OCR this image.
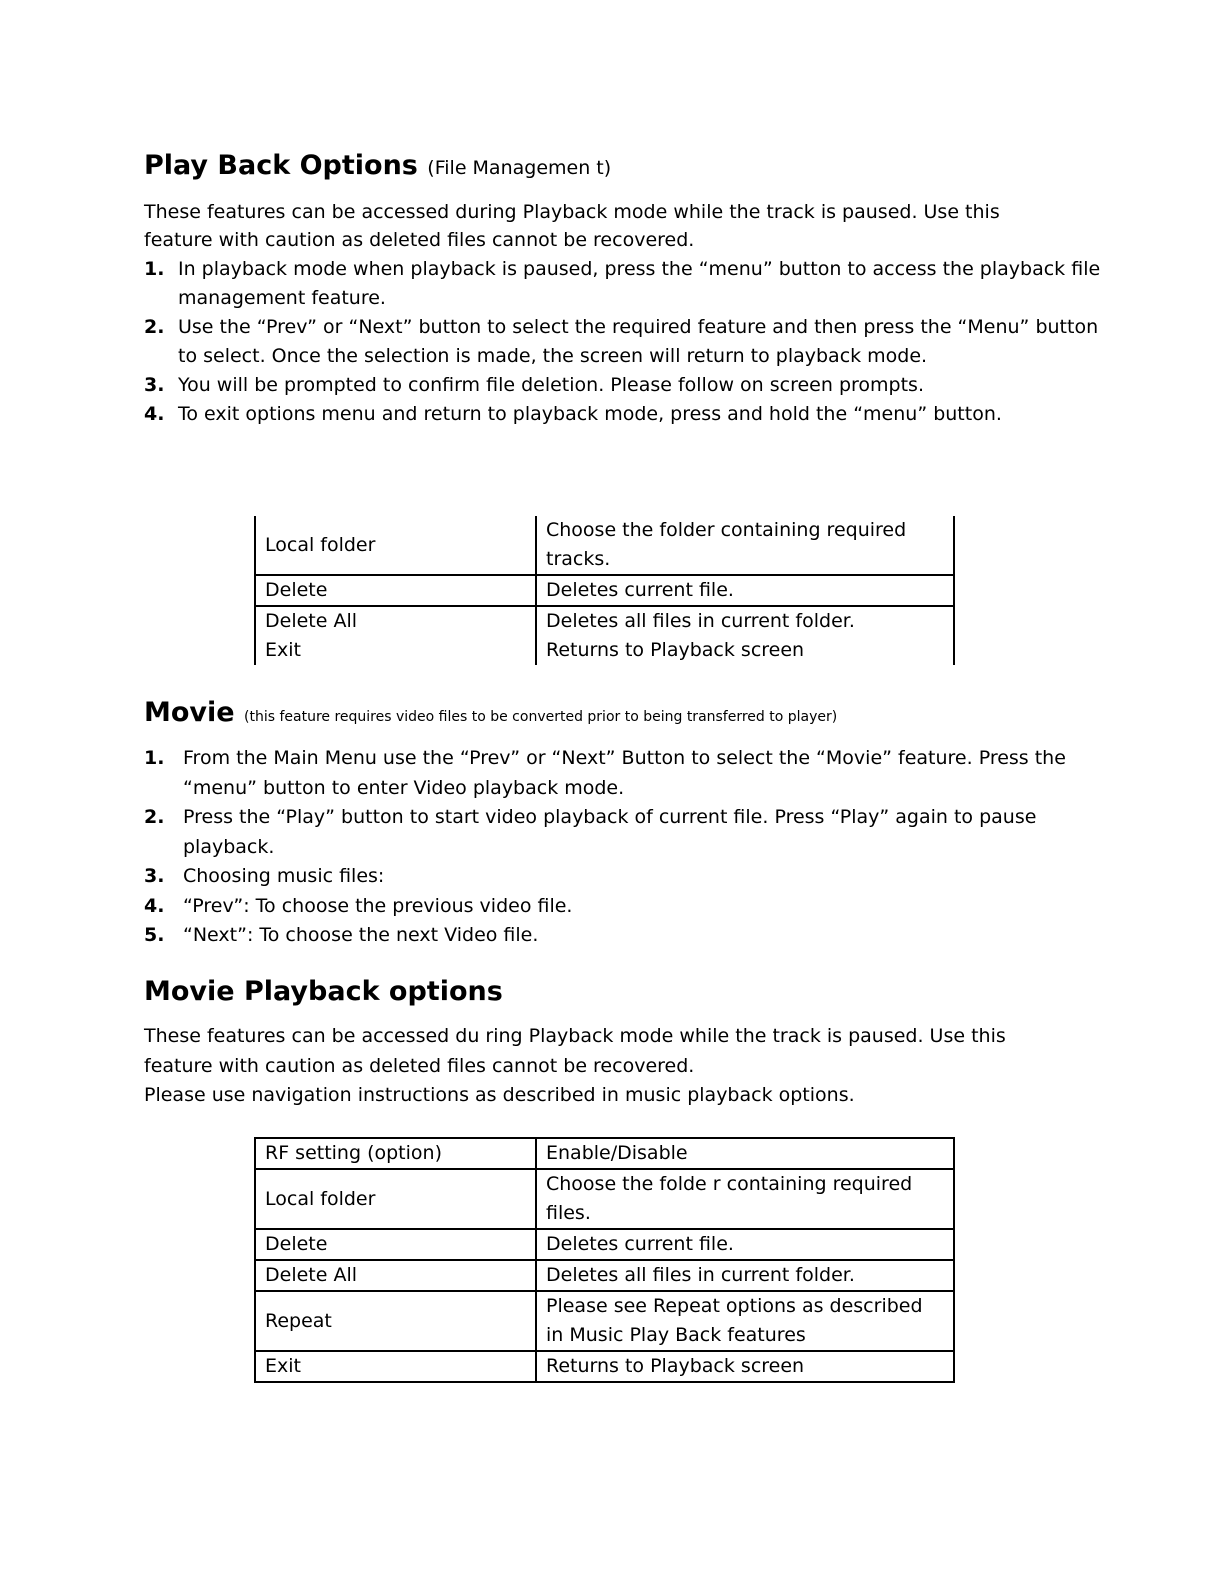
Play Back Options (File Managemen t)

These features can be accessed during Playback mode while the track is paused. Use this
feature with caution as deleted files cannot be recovered.

1. In playback mode when playback is paused, press the “menu” button to access the playback file management feature.
2. Use the “Prev” or “Next” button to select the required feature and then press the “Menu” button to select. Once the selection is made, the screen will return to playback mode.
3. You will be prompted to confirm file deletion. Please follow on screen prompts.
4. To exit options menu and return to playback mode, press and hold the “menu” button.
Local folder	Choose the folder containing required tracks.
Delete	Deletes current file.
Delete All	Deletes all files in current folder.
Exit	Returns to Playback screen
Movie (this feature requires video files to be converted prior to being transferred to player)
1. From the Main Menu use the “Prev” or “Next” Button to select the “Movie” feature. Press the “menu” button to enter Video playback mode.
2. Press the “Play” button to start video playback of current file. Press “Play” again to pause playback.
3. Choosing music files:
4. “Prev”: To choose the previous video file.
5. “Next”: To choose the next Video file.
Movie Playback options

These features can be accessed du ring Playback mode while the track is paused. Use this
feature with caution as deleted files cannot be recovered.
Please use navigation instructions as described in music playback options.

RF setting (option)	Enable/Disable
Local folder	Choose the folde r containing required files.
Delete	Deletes current file.
Delete All	Deletes all files in current folder.
Repeat	Please see Repeat options as described in Music Play Back features
Exit	Returns to Playback screen
